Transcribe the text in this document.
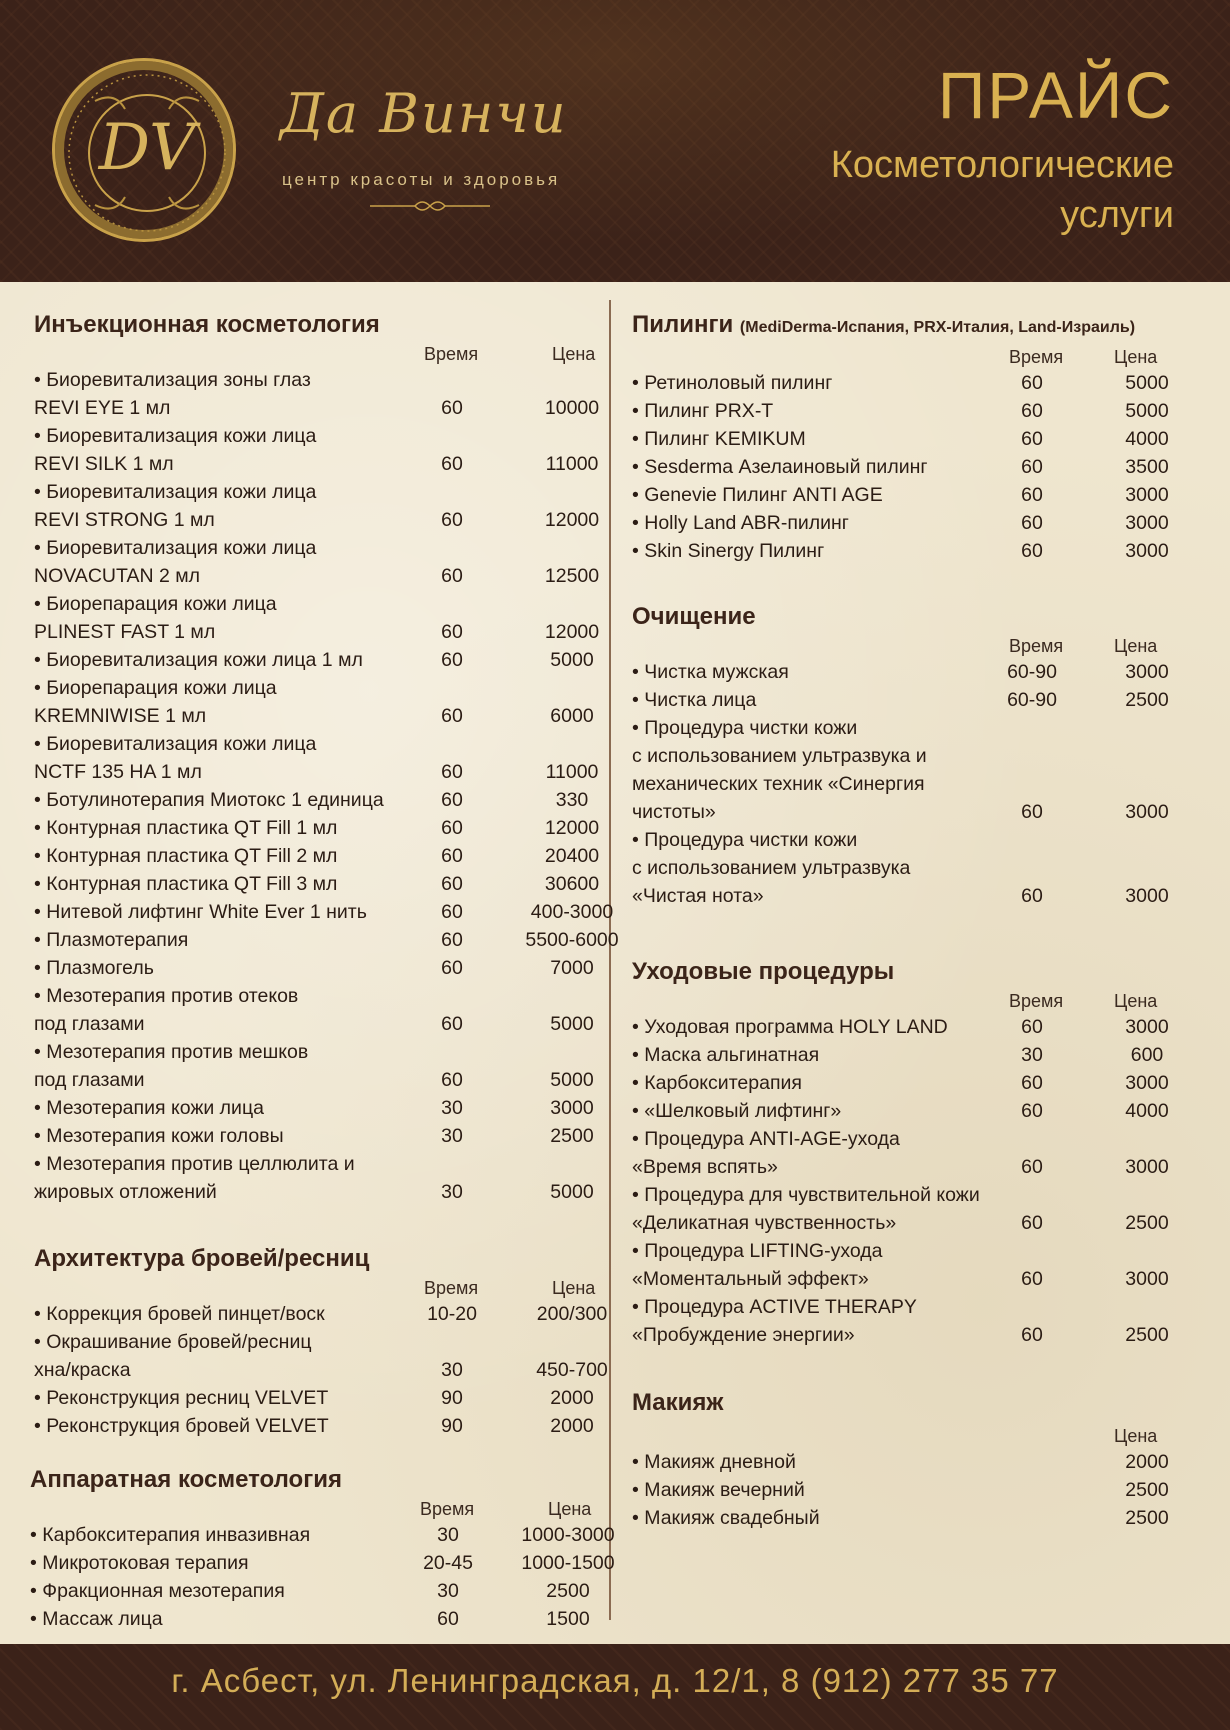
DV	Да Винчи
центр красоты и здоровья
ПРАЙС
Косметологические
услуги
Инъекционная косметология
Время	Цена
• Биоревитализация зоны глаз
REVI EYE 1 мл	60	10000
• Биоревитализация кожи лица
REVI SILK 1 мл	60	11000
• Биоревитализация кожи лица
REVI STRONG 1 мл	60	12000
• Биоревитализация кожи лица
NOVACUTAN 2 мл	60	12500
• Биорепарация кожи лица
PLINEST FAST 1 мл	60	12000
• Биоревитализация кожи лица 1 мл	60	5000
• Биорепарация кожи лица
KREMNIWISE 1 мл	60	6000
• Биоревитализация кожи лица
NCTF 135 HA 1 мл	60	11000
• Ботулинотерапия Миотокс 1 единица	60	330
• Контурная пластика QT Fill 1 мл	60	12000
• Контурная пластика QT Fill 2 мл	60	20400
• Контурная пластика QT Fill 3 мл	60	30600
• Нитевой лифтинг White Ever 1 нить	60	400-3000
• Плазмотерапия	60	5500-6000
• Плазмогель	60	7000
• Мезотерапия против отеков
под глазами	60	5000
• Мезотерапия против мешков
под глазами	60	5000
• Мезотерапия кожи лица	30	3000
• Мезотерапия кожи головы	30	2500
• Мезотерапия против целлюлита и
жировых отложений	30	5000
Архитектура бровей/ресниц
Время	Цена
• Коррекция бровей пинцет/воск	10-20	200/300
• Окрашивание бровей/ресниц
хна/краска	30	450-700
• Реконструкция ресниц VELVET	90	2000
• Реконструкция бровей VELVET	90	2000
Аппаратная косметология
Время	Цена
• Карбокситерапия инвазивная	30	1000-3000
• Микротоковая терапия	20-45	1000-1500
• Фракционная мезотерапия	30	2500
• Массаж лица	60	1500
Пилинги (MediDerma-Испания, PRX-Италия, Land-Израиль)
Время	Цена
• Ретиноловый пилинг	60	5000
• Пилинг PRX-T	60	5000
• Пилинг KEMIKUM	60	4000
• Sesderma Азелаиновый пилинг	60	3500
• Genevie Пилинг ANTI AGE	60	3000
• Holly Land ABR-пилинг	60	3000
• Skin Sinergy Пилинг	60	3000
Очищение
Время	Цена
• Чистка мужская	60-90	3000
• Чистка лица	60-90	2500
• Процедура чистки кожи
с использованием ультразвука и
механических техник «Синергия
чистоты»	60	3000
• Процедура чистки кожи
с использованием ультразвука
«Чистая нота»	60	3000
Уходовые процедуры
Время	Цена
• Уходовая программа HOLY LAND	60	3000
• Маска альгинатная	30	600
• Карбокситерапия	60	3000
• «Шелковый лифтинг»	60	4000
• Процедура ANTI-AGE-ухода
«Время вспять»	60	3000
• Процедура для чувствительной кожи
«Деликатная чувственность»	60	2500
• Процедура LIFTING-ухода
«Моментальный эффект»	60	3000
• Процедура ACTIVE THERAPY
«Пробуждение энергии»	60	2500
Макияж
Цена
• Макияж дневной	2000
• Макияж вечерний	2500
• Макияж свадебный	2500
г. Асбест, ул. Ленинградская, д. 12/1, 8 (912) 277 35 77
